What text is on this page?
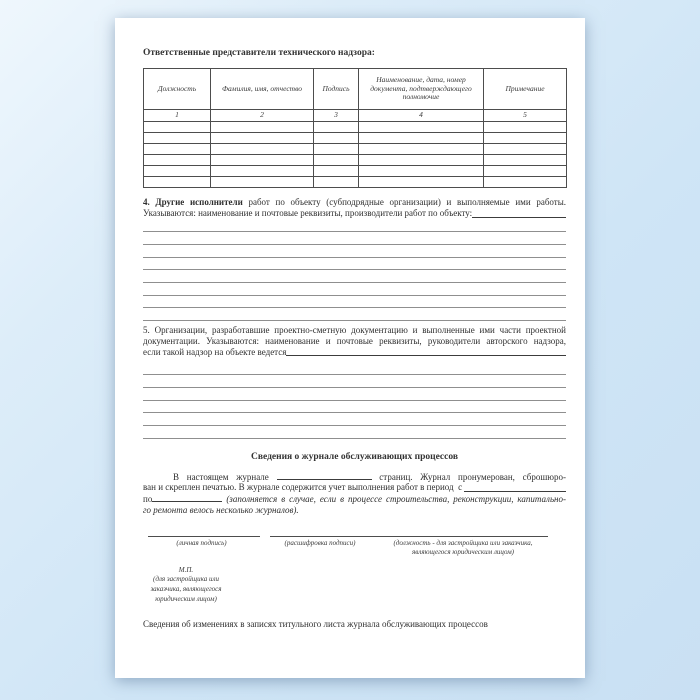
Ответственные представители технического надзора:
Должность	Фамилия, имя, отчество	Подпись	Наименование, дата, номер документа, подтверждающего полномочие	Примечание
1	2	3	4	5

4. Другие исполнители работ по объекту (субподрядные организации) и выполняемые ими работы.
Указываются: наименование и почтовые реквизиты, производители работ по объекту:
5. Организации, разработавшие проектно-сметную документацию и выполненные ими части проектной
документации. Указываются: наименование и почтовые реквизиты, руководители авторского надзора,
если такой надзор на объекте ведется
Сведения о журнале обслуживающих процессов
В настоящем журнале	страниц. Журнал пронумерован, сброшюро-
ван и скреплен печатью. В журнале содержится учет выполнения работ в период  с
по	(заполняется в случае, если в процессе строительства, реконструкции, капитально-
го ремонта велось несколько журналов).
(личная подпись)	(расшифровка подписи)	(должность - для застройщика или заказчика,
являющегося юридическим лицом)
М.П.
(для застройщика или
заказчика, являющегося
юридическим лицом)
Сведения об изменениях в записях титульного листа журнала обслуживающих процессов
